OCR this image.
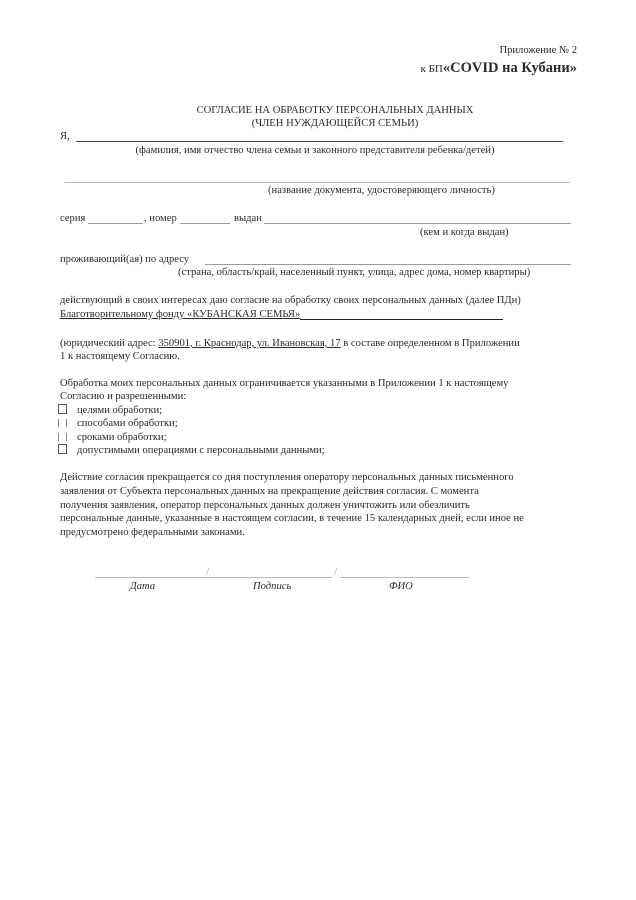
Приложение № 2
к БП«COVID на Кубани»
СОГЛАСИЕ НА ОБРАБОТКУ ПЕРСОНАЛЬНЫХ ДАННЫХ
(ЧЛЕН НУЖДАЮЩЕЙСЯ СЕМЬИ)
Я,
(фамилия, имя отчество члена семьи и законного представителя ребенка/детей)
(название документа, удостоверяющего личность)
серия	, номер	выдан
(кем и когда выдан)
проживающий(ая) по адресу
(страна, область/край, населенный пункт, улица, адрес дома, номер квартиры)
действующий в своих интересах даю согласие на обработку своих персональных данных (далее ПДн)
Благотворительному фонду «КУБАНСКАЯ СЕМЬЯ»
(юридический адрес: 350901, г. Краснодар, ул. Ивановская, 17 в составе определенном в Приложении
1 к настоящему Согласию.
Обработка моих персональных данных ограничивается указанными в Приложении 1 к настоящему
Согласию и разрешенными:
целями обработки;
способами обработки;
сроками обработки;
допустимыми операциями с персональными данными;
Действие согласия прекращается со дня поступления оператору персональных данных письменного
заявления от Субъекта персональных данных на прекращение действия согласия. С момента
получения заявления, оператор персональных данных должен уничтожить или обезличить
персональные данные, указанные в настоящем согласии, в течение 15 календарных дней, если иное не
предусмотрено федеральными законами.
/	/
Дата	Подпись	ФИО
